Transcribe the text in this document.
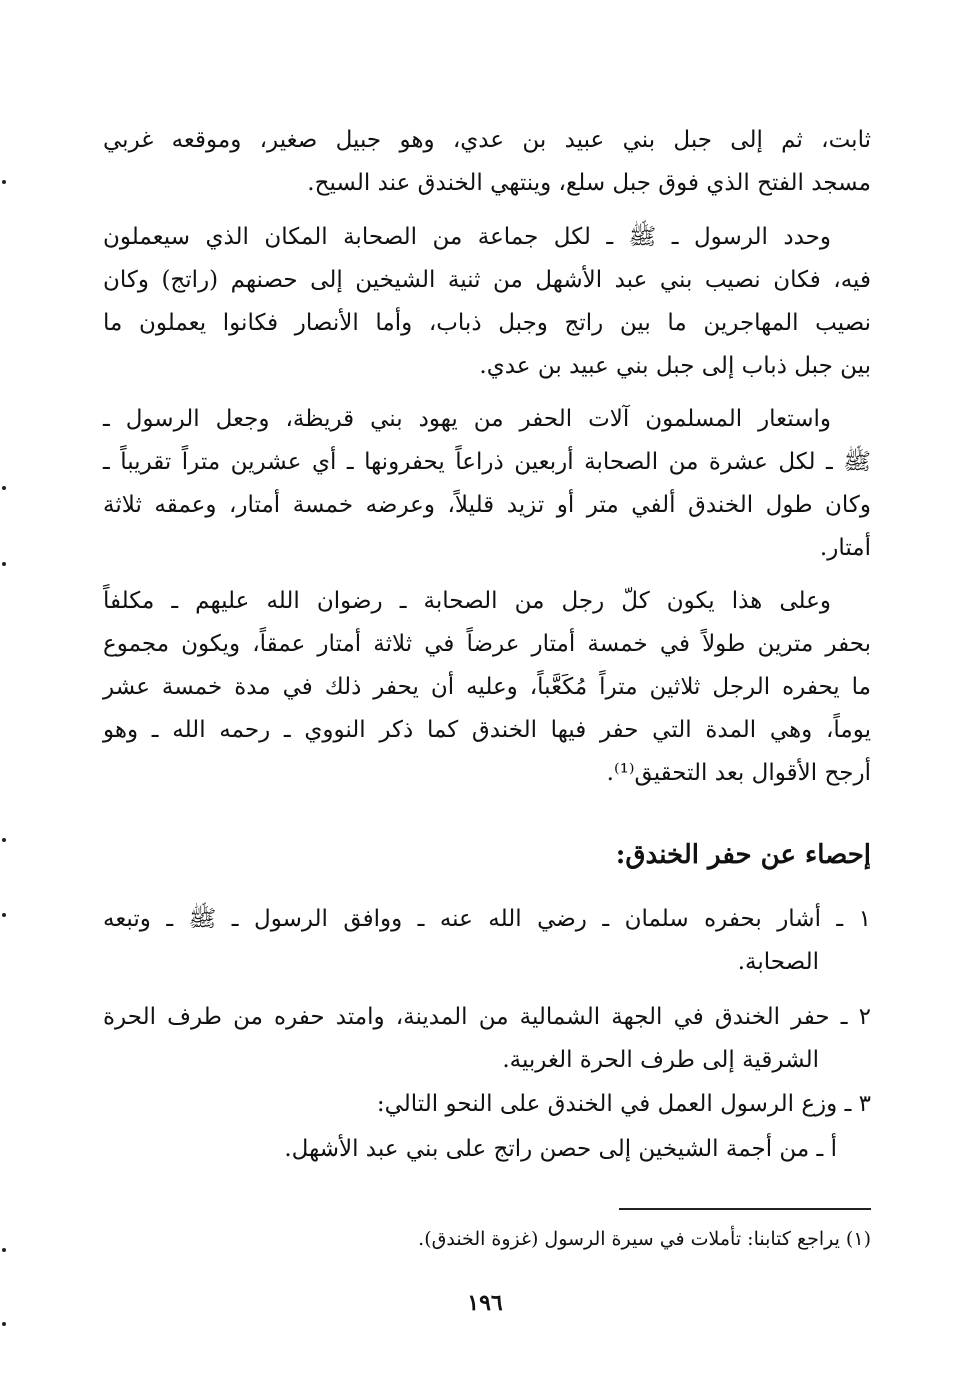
ثابت، ثم إلى جبل بني عبيد بن عدي، وهو جبيل صغير، وموقعه غربي
مسجد الفتح الذي فوق جبل سلع، وينتهي الخندق عند السيح.
وحدد الرسول ـ ﷺ ـ لكل جماعة من الصحابة المكان الذي سيعملون
فيه، فكان نصيب بني عبد الأشهل من ثنية الشيخين إلى حصنهم (راتج) وكان
نصيب المهاجرين ما بين راتج وجبل ذباب، وأما الأنصار فكانوا يعملون ما
بين جبل ذباب إلى جبل بني عبيد بن عدي.
واستعار المسلمون آلات الحفر من يهود بني قريظة، وجعل الرسول ـ
ﷺ ـ لكل عشرة من الصحابة أربعين ذراعاً يحفرونها ـ أي عشرين متراً تقريباً ـ
وكان طول الخندق ألفي متر أو تزيد قليلاً، وعرضه خمسة أمتار، وعمقه ثلاثة
أمتار.
وعلى هذا يكون كلّ رجل من الصحابة ـ رضوان الله عليهم ـ مكلفاً
بحفر مترين طولاً في خمسة أمتار عرضاً في ثلاثة أمتار عمقاً، ويكون مجموع
ما يحفره الرجل ثلاثين متراً مُكَعَّباً، وعليه أن يحفر ذلك في مدة خمسة عشر
يوماً، وهي المدة التي حفر فيها الخندق كما ذكر النووي ـ رحمه الله ـ وهو
أرجح الأقوال بعد التحقيق⁽¹⁾.
إحصاء عن حفر الخندق:
١ ـ أشار بحفره سلمان ـ رضي الله عنه ـ ووافق الرسول ـ ﷺ ـ وتبعه
الصحابة.
٢ ـ حفر الخندق في الجهة الشمالية من المدينة، وامتد حفره من طرف الحرة
الشرقية إلى طرف الحرة الغربية.
٣ ـ وزع الرسول العمل في الخندق على النحو التالي:
أ ـ من أجمة الشيخين إلى حصن راتج على بني عبد الأشهل.
(١) يراجع كتابنا: تأملات في سيرة الرسول (غزوة الخندق).
١٩٦
